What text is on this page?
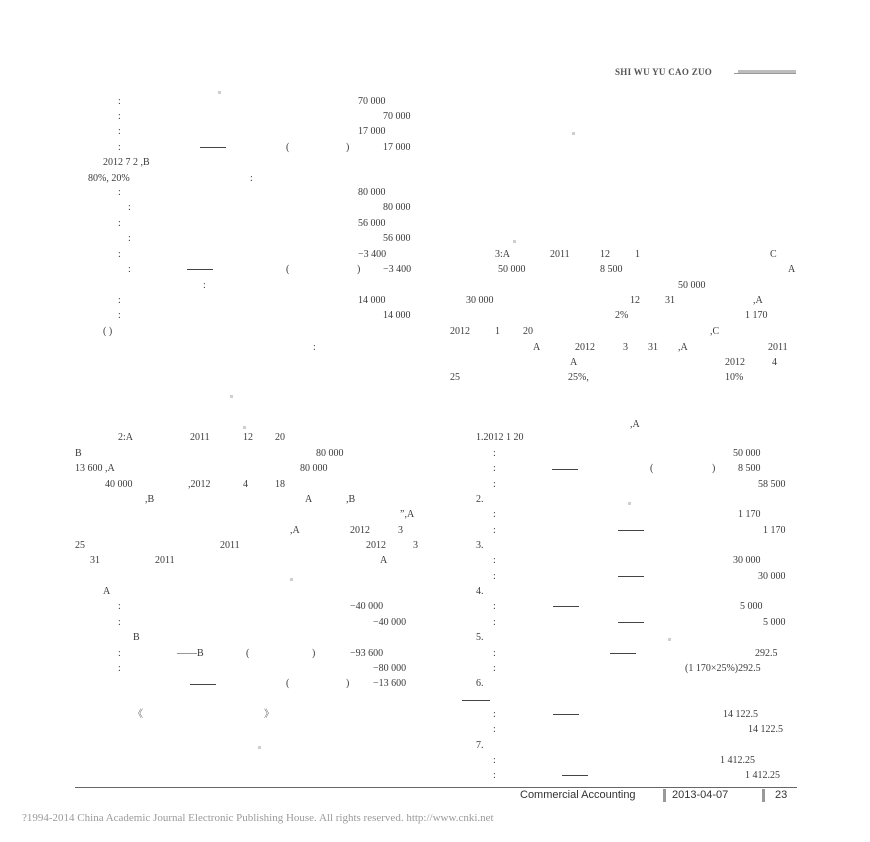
SHI WU YU CAO ZUO
:	70 000
:	70 000
:	17 000
:	(	)	17 000
2012 7 2 ,B
80%, 20%	:
:	80 000
:	80 000
:	56 000
:	56 000
:	−3 400
:	(	) −3 400
:
:	14 000
:	14 000
( )
:
2:A	2011	12 20
B	80 000
13 600 ,A	80 000
40 000	,2012	4	18
,B	A	,B
”,A
,A	2012	3
25	2011	2012	3
31	2011	A
A
:	−40 000
:	−40 000
B
:	——B	(	)	−93 600
:	−80 000
(	) −13 600
《	》
3:A	2011	12	1	C
50 000	8 500	A
50 000
30 000	12	31	,A
2%	1 170
2012	1 20	,C
A	2012	3 31 ,A	2011
A	2012	4
25	25%,	10%
,A
1.2012 1 20
:	50 000
:	(	) 8 500
:	58 500
2.
:	1 170
:	1 170
3.
:	30 000
:	30 000
4.
:	5 000
:	5 000
5.
:	292.5
:	(1 170×25%)292.5
6.
:	14 122.5
:	14 122.5
7.
:	1 412.25
:	1 412.25
Commercial Accounting	2013-04-07	23
?1994-2014 China Academic Journal Electronic Publishing House. All rights reserved. http://www.cnki.net
